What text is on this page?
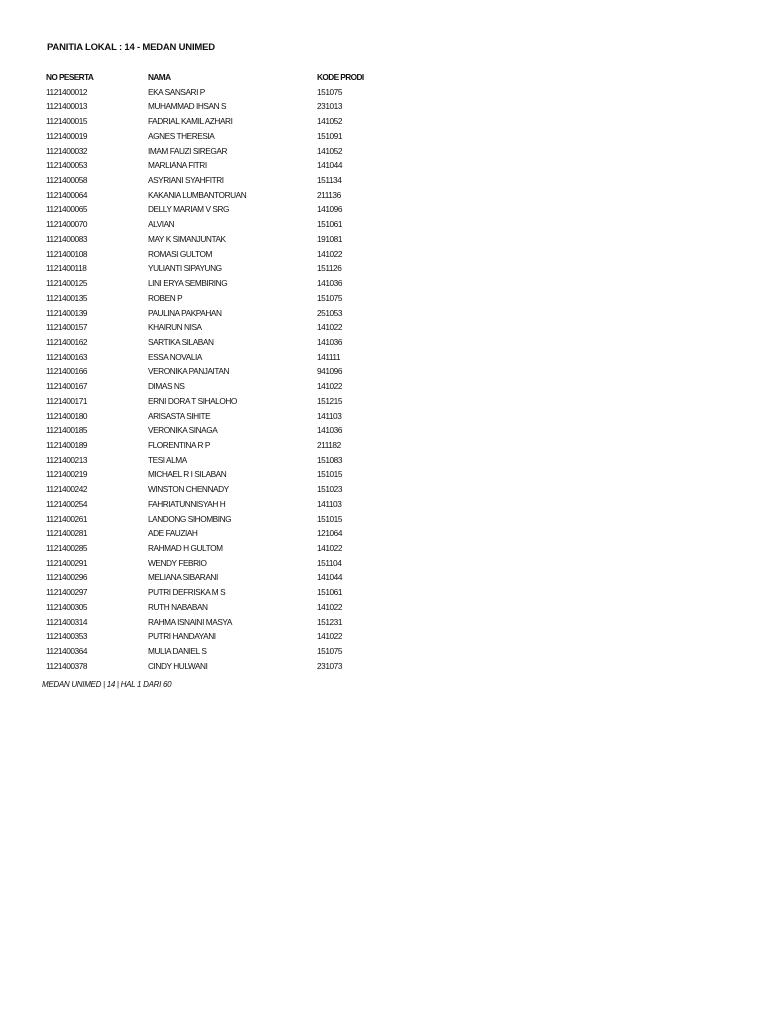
PANITIA LOKAL : 14 - MEDAN UNIMED
NO PESERTA	NAMA	KODE PRODI
1121400012	EKA SANSARI P	151075
1121400013	MUHAMMAD IHSAN S	231013
1121400015	FADRIAL KAMIL AZHARI	141052
1121400019	AGNES THERESIA	151091
1121400032	IMAM FAUZI SIREGAR	141052
1121400053	MARLIANA FITRI	141044
1121400058	ASYRIANI SYAHFITRI	151134
1121400064	KAKANIA LUMBANTORUAN	211136
1121400065	DELLY MARIAM V SRG	141096
1121400070	ALVIAN	151061
1121400083	MAY K SIMANJUNTAK	191081
1121400108	ROMASI GULTOM	141022
1121400118	YULIANTI SIPAYUNG	151126
1121400125	LINI ERYA SEMBIRING	141036
1121400135	ROBEN P	151075
1121400139	PAULINA PAKPAHAN	251053
1121400157	KHAIRUN NISA	141022
1121400162	SARTIKA SILABAN	141036
1121400163	ESSA NOVALIA	141111
1121400166	VERONIKA PANJAITAN	941096
1121400167	DIMAS NS	141022
1121400171	ERNI DORA T SIHALOHO	151215
1121400180	ARISASTA SIHITE	141103
1121400185	VERONIKA SINAGA	141036
1121400189	FLORENTINA R P	211182
1121400213	TESI ALMA	151083
1121400219	MICHAEL R I SILABAN	151015
1121400242	WINSTON CHENNADY	151023
1121400254	FAHRIATUNNISYAH H	141103
1121400261	LANDONG SIHOMBING	151015
1121400281	ADE FAUZIAH	121064
1121400285	RAHMAD H GULTOM	141022
1121400291	WENDY FEBRIO	151104
1121400296	MELIANA SIBARANI	141044
1121400297	PUTRI DEFRISKA M S	151061
1121400305	RUTH NABABAN	141022
1121400314	RAHMA ISNAINI MASYA	151231
1121400353	PUTRI HANDAYANI	141022
1121400364	MULIA DANIEL S	151075
1121400378	CINDY HULWANI	231073
MEDAN UNIMED | 14 | HAL 1 DARI 60
